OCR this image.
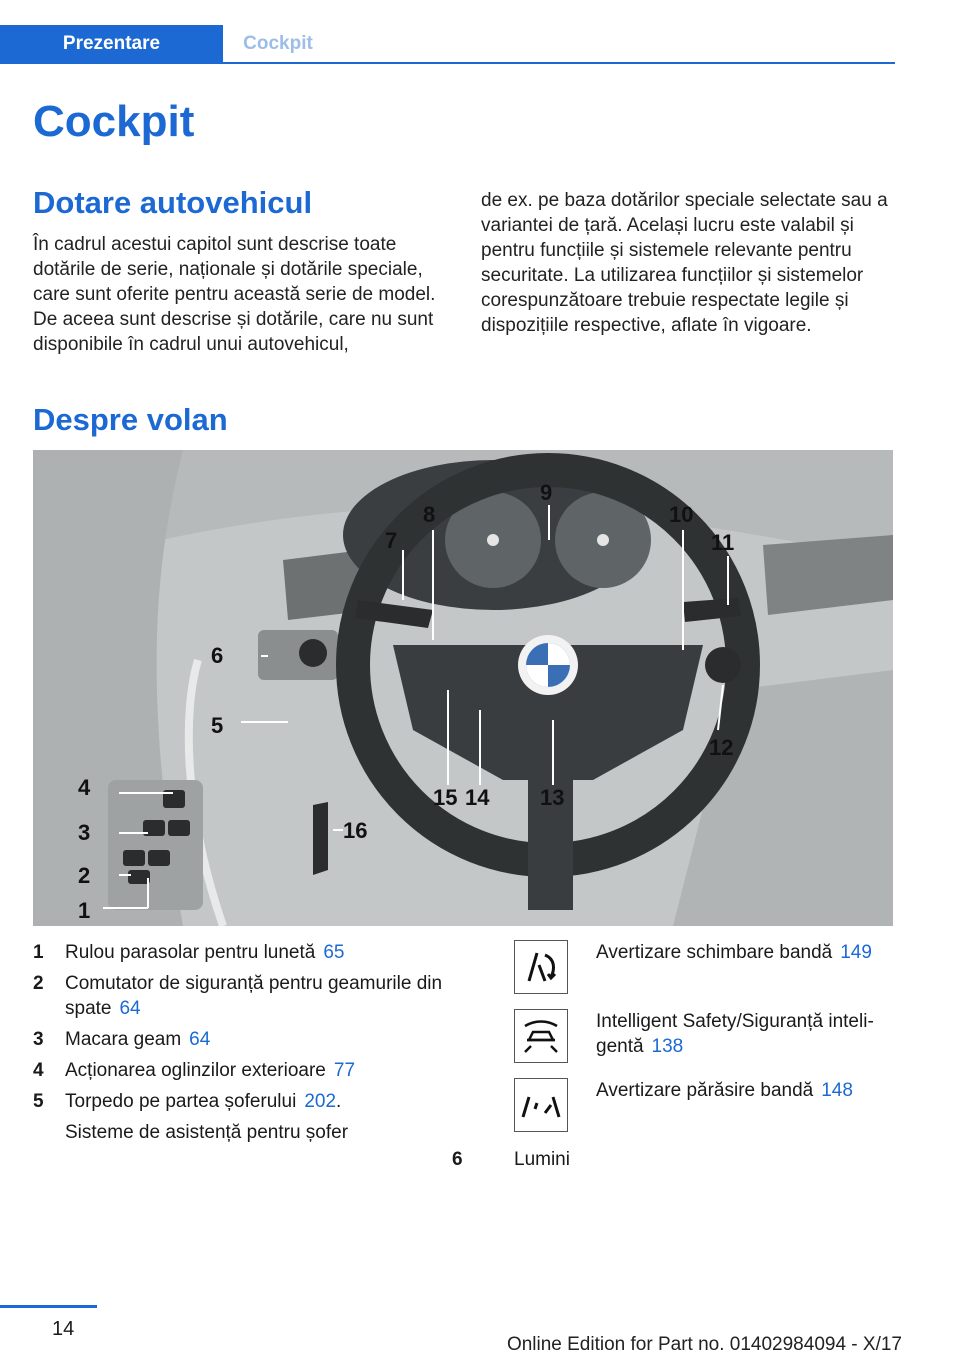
Prezentare	Cockpit
Cockpit
Dotare autovehicul
În cadrul acestui capitol sunt descrise toate dotările de serie, naționale și dotările speciale, care sunt oferite pentru această serie de model. De aceea sunt descrise și dotările, care nu sunt disponibile în cadrul unui autovehicul,
de ex. pe baza dotărilor speciale selectate sau a variantei de țară. Același lucru este valabil și pentru funcțiile și sistemele relevante pentru securitate. La utilizarea funcțiilor și sistemelor corespunzătoare trebuie respectate legile și dispozițiile respective, aflate în vigoare.
Despre volan
4
3
2
1
5
6
7
8
9
10
11
12
13
14
15
16
1 Rulou parasolar pentru lunetă 65
2 Comutator de siguranță pentru geamurile din spate 64
3 Macara geam 64
4 Acționarea oglinzilor exterioare 77
5 Torpedo pe partea șoferului 202.
Sisteme de asistență pentru șofer
Avertizare schimbare bandă 149
Intelligent Safety/Siguranță inteligentă 138
Avertizare părăsire bandă 148
6	Lumini
14
Online Edition for Part no. 01402984094 - X/17
